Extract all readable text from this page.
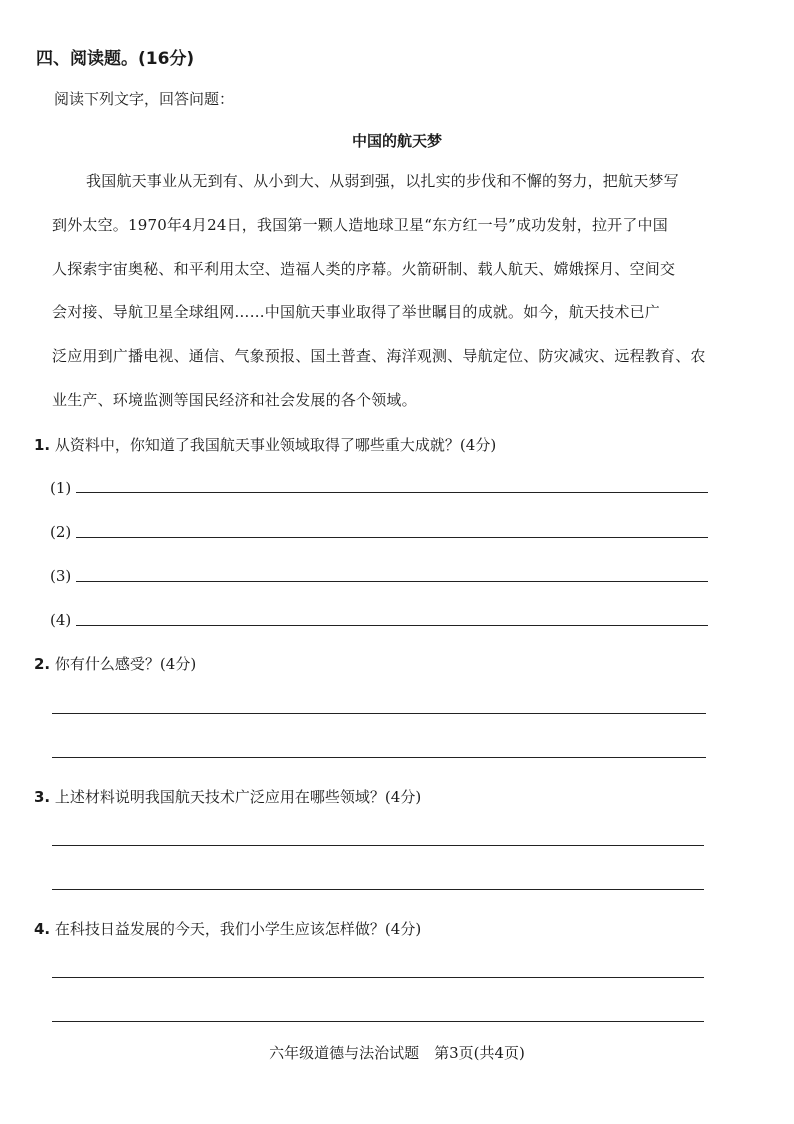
四、阅读题。(16分)
阅读下列文字，回答问题：
中国的航天梦
我国航天事业从无到有、从小到大、从弱到强，以扎实的步伐和不懈的努力，把航天梦写
到外太空。1970年4月24日，我国第一颗人造地球卫星“东方红一号”成功发射，拉开了中国
人探索宇宙奥秘、和平利用太空、造福人类的序幕。火箭研制、载人航天、嫦娥探月、空间交
会对接、导航卫星全球组网……中国航天事业取得了举世瞩目的成就。如今，航天技术已广
泛应用到广播电视、通信、气象预报、国土普查、海洋观测、导航定位、防灾减灾、远程教育、农
业生产、环境监测等国民经济和社会发展的各个领域。
1. 从资料中，你知道了我国航天事业领域取得了哪些重大成就？(4分)
(1)
(2)
(3)
(4)
2. 你有什么感受？(4分)
3. 上述材料说明我国航天技术广泛应用在哪些领域？(4分)
4. 在科技日益发展的今天，我们小学生应该怎样做？(4分)
六年级道德与法治试题　第3页(共4页)
